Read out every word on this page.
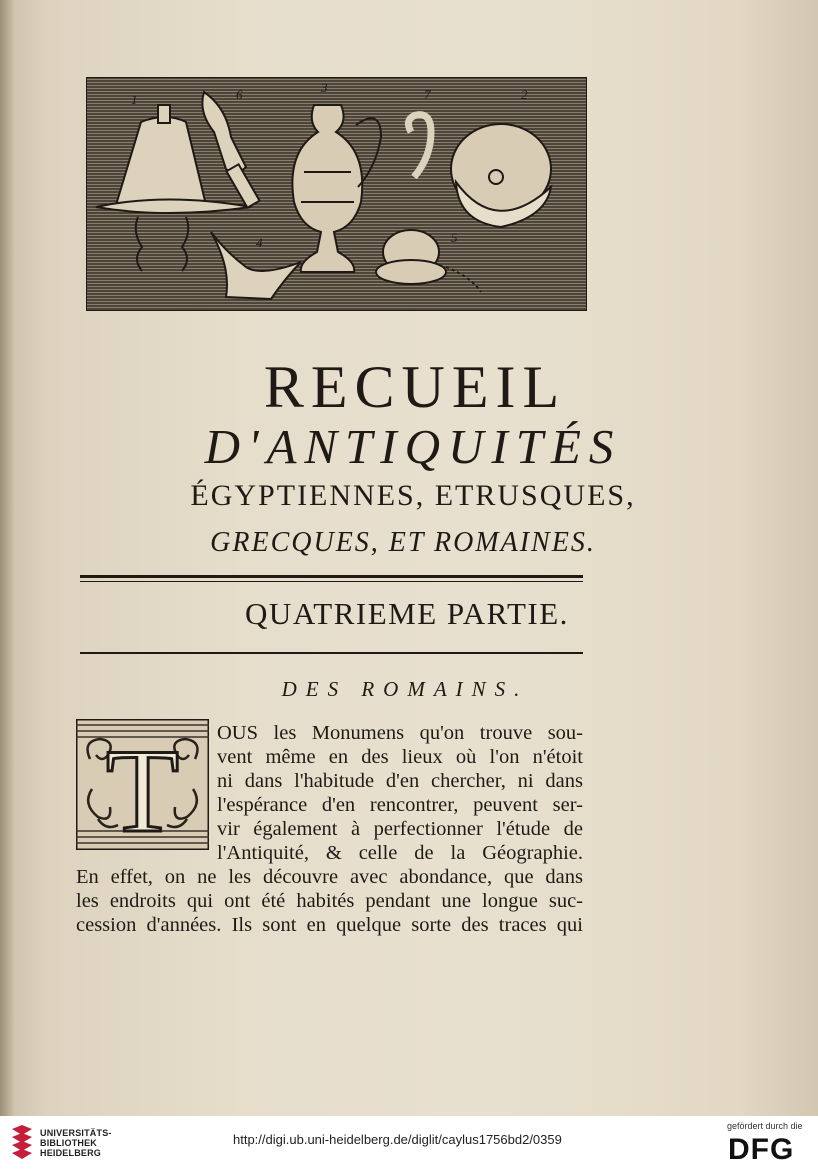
1	6	3	7	2
4	5
RECUEIL
D'ANTIQUITÉS
ÉGYPTIENNES, ETRUSQUES,
GRECQUES, ET ROMAINES.
QUATRIEME PARTIE.
DES ROMAINS.
T OUS les Monumens qu'on trouve sou-
vent même en des lieux où l'on n'étoit
ni dans l'habitude d'en chercher, ni dans
l'espérance d'en rencontrer, peuvent ser-
vir également à perfectionner l'étude de
l'Antiquité, & celle de la Géographie.
En effet, on ne les découvre avec abondance, que dans
les endroits qui ont été habités pendant une longue suc-
cession d'années. Ils sont en quelque sorte des traces qui
UNIVERSITÄTS-
BIBLIOTHEK
HEIDELBERG
http://digi.ub.uni-heidelberg.de/diglit/caylus1756bd2/0359
gefördert durch die
DFG
